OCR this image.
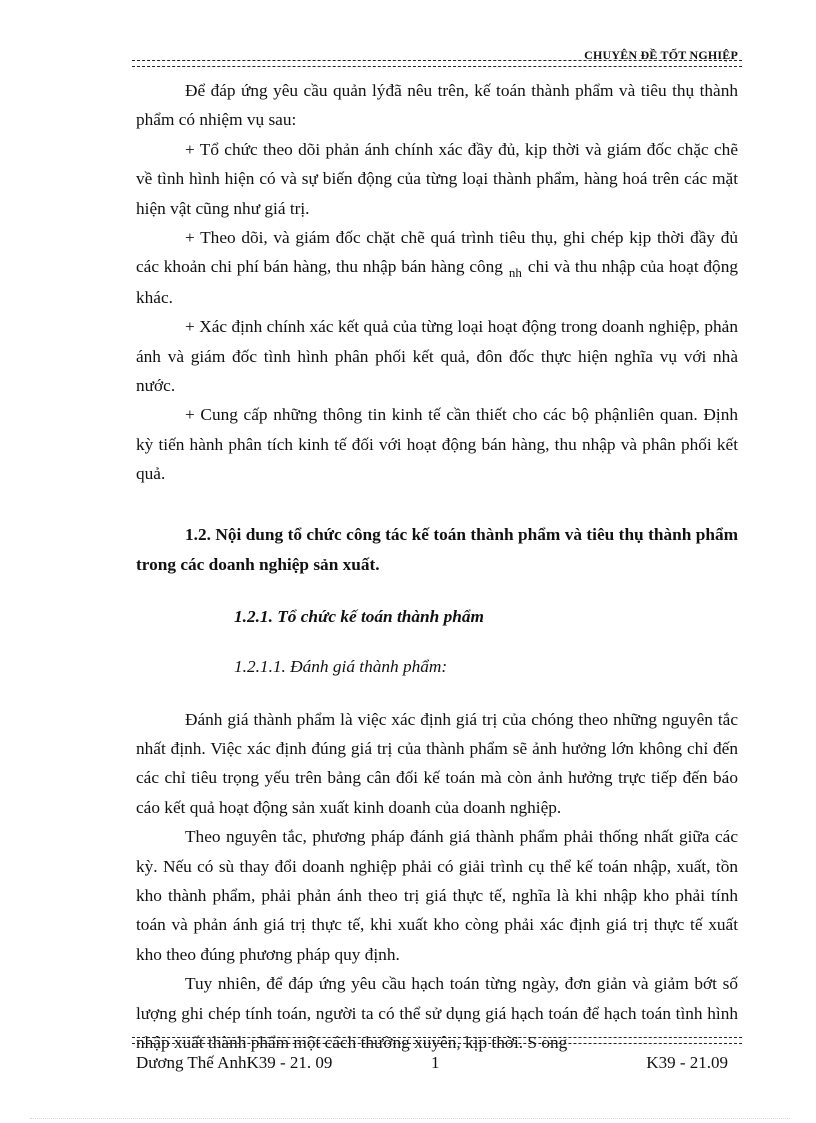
CHUYÊN ĐỀ TỐT NGHIỆP

Để đáp ứng yêu cầu quản lýđã nêu trên, kế toán thành phẩm và tiêu thụ thành phẩm có nhiệm vụ sau:

+ Tổ chức theo dõi phản ánh chính xác đầy đủ, kịp thời và giám đốc chặc chẽ về tình hình hiện có và sự biến động của từng loại thành phẩm, hàng hoá trên các mặt hiện vật cũng như giá trị.

+ Theo dõi, và giám đốc chặt chẽ quá trình tiêu thụ, ghi chép kịp thời đầy đủ các khoản chi phí bán hàng, thu nhập bán hàng công $_{nh}$ chi và thu nhập của hoạt động khác.

+ Xác định chính xác kết quả của từng loại hoạt động trong doanh nghiệp, phản ánh và giám đốc tình hình phân phối kết quả, đôn đốc thực hiện nghĩa vụ với nhà nước.

+ Cung cấp những thông tin kinh tế cần thiết cho các bộ phậnliên quan. Định kỳ tiến hành phân tích kinh tế đối với hoạt động bán hàng, thu nhập và phân phối kết quả.

1.2. Nội dung tổ chức công tác kế toán thành phẩm và tiêu thụ thành phẩm trong các doanh nghiệp sản xuất.

1.2.1. Tổ chức kế toán thành phẩm

1.2.1.1. Đánh giá thành phẩm:

Đánh giá thành phẩm là việc xác định giá trị của chóng theo những nguyên tắc nhất định. Việc xác định đúng giá trị của thành phẩm sẽ ảnh hưởng lớn không chỉ đến các chỉ tiêu trọng yếu trên bảng cân đối kế toán mà còn ảnh hưởng trực tiếp đến báo cáo kết quả hoạt động sản xuất kinh doanh của doanh nghiệp.

Theo nguyên tắc, phương pháp đánh giá thành phẩm phải thống nhất giữa các kỳ. Nếu có sù thay đổi doanh nghiệp phải có giải trình cụ thể kế toán nhập, xuất, tồn kho thành phẩm, phải phản ánh theo trị giá thực tế, nghĩa là khi nhập kho phải tính toán và phản ánh giá trị thực tế, khi xuất kho còng phải xác định giá trị thực tế xuất kho theo đúng phương pháp quy định.

Tuy nhiên, để đáp ứng yêu cầu hạch toán từng ngày, đơn giản và giảm bớt số lượng ghi chép tính toán, người ta có thể sử dụng giá hạch toán để hạch toán tình hình nhập xuất thành phẩm một cách thường xuyên, kịp thời. S ong

Dương Thế AnhK39 - 21. 09	1	K39 - 21.09
